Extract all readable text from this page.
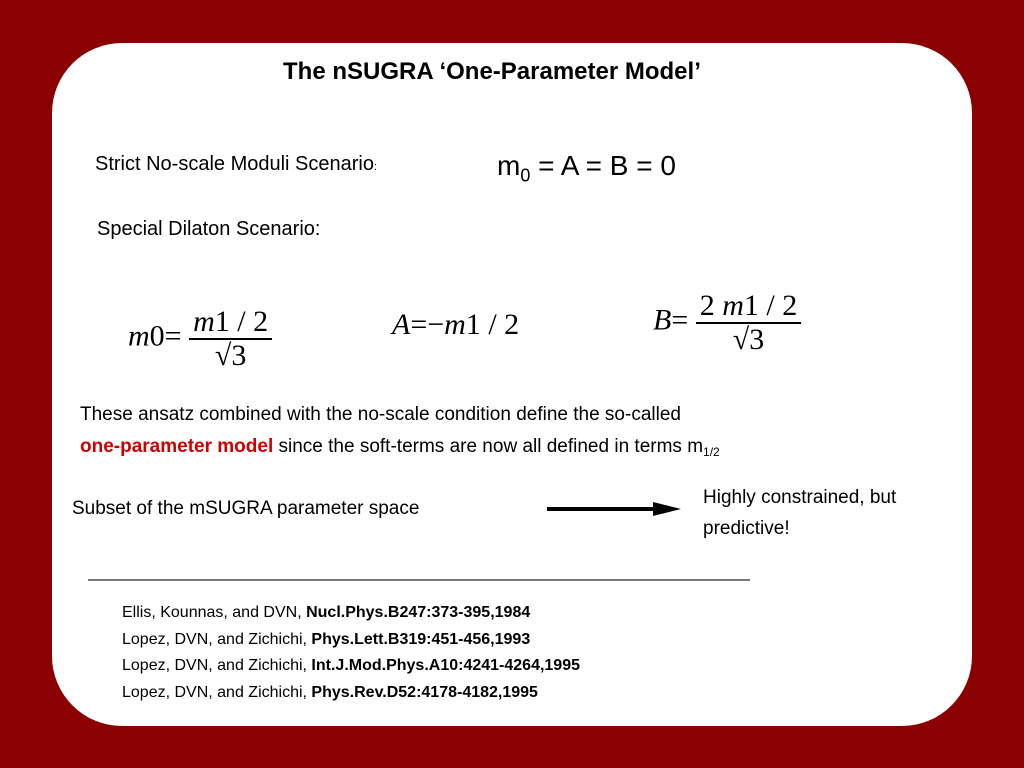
The nSUGRA ‘One-Parameter Model’
Strict No-scale Moduli Scenario:	$m_0 = A = B = 0$
Special Dilaton Scenario:
$m0= \frac{m1 / 2}{√3}$	A=−m1 / 2	$B= \frac{2 m1 / 2}{√3}$
These ansatz combined with the no-scale condition define the so-called
one-parameter model since the soft-terms are now all defined in terms $m_{1/2}$
Subset of the mSUGRA parameter space
Highly constrained, but
predictive!
______________________________________________________________________
Ellis, Kounnas, and DVN, Nucl.Phys.B247:373-395,1984
Lopez, DVN, and Zichichi, Phys.Lett.B319:451-456,1993
Lopez, DVN, and Zichichi, Int.J.Mod.Phys.A10:4241-4264,1995
Lopez, DVN, and Zichichi, Phys.Rev.D52:4178-4182,1995
